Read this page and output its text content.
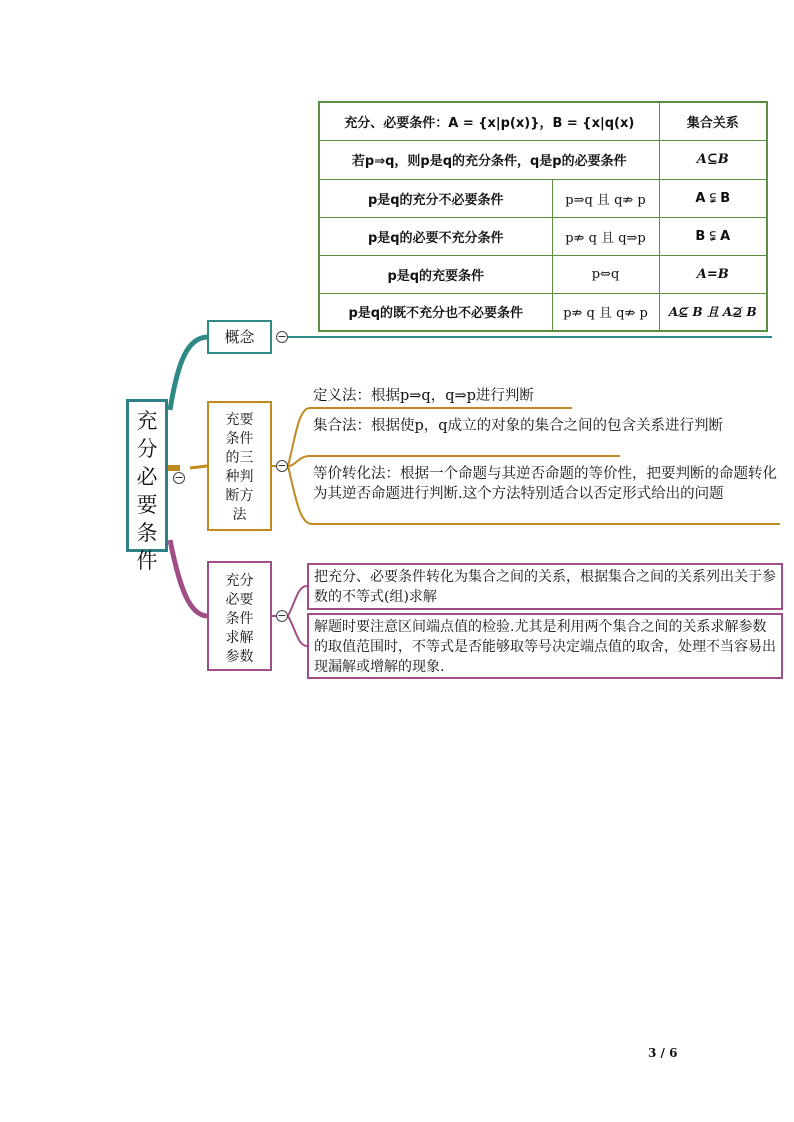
充分、必要条件：A = {x|p(x)}，B = {x|q(x)		集合关系
若p⇒q，则p是q的充分条件，q是p的必要条件		A⊆B
p是q的充分不必要条件	p⇒q 且 q⇏ p	A ⫋ B
p是q的必要不充分条件	p⇏ q 且 q⇒p	B ⫋ A
p是q的充要条件	p⇔q	A=B
p是q的既不充分也不必要条件	p⇏ q 且 q⇏ p	A⊈ B 且 A⊉ B
充
分
必
要
条
件
−
概念	−
充要
条件
的三
种判
断方
法
−
定义法：根据p⇒q，q⇒p进行判断
集合法：根据使p，q成立的对象的集合之间的包含关系进行判断
等价转化法：根据一个命题与其逆否命题的等价性，把要判断的命题转化为其逆否命题进行判断.这个方法特别适合以否定形式给出的问题
充分
必要
条件
求解
参数
−
把充分、必要条件转化为集合之间的关系，根据集合之间的关系列出关于参数的不等式(组)求解
解题时要注意区间端点值的检验.尤其是利用两个集合之间的关系求解参数的取值范围时，不等式是否能够取等号决定端点值的取舍，处理不当容易出现漏解或增解的现象.
3 / 6
